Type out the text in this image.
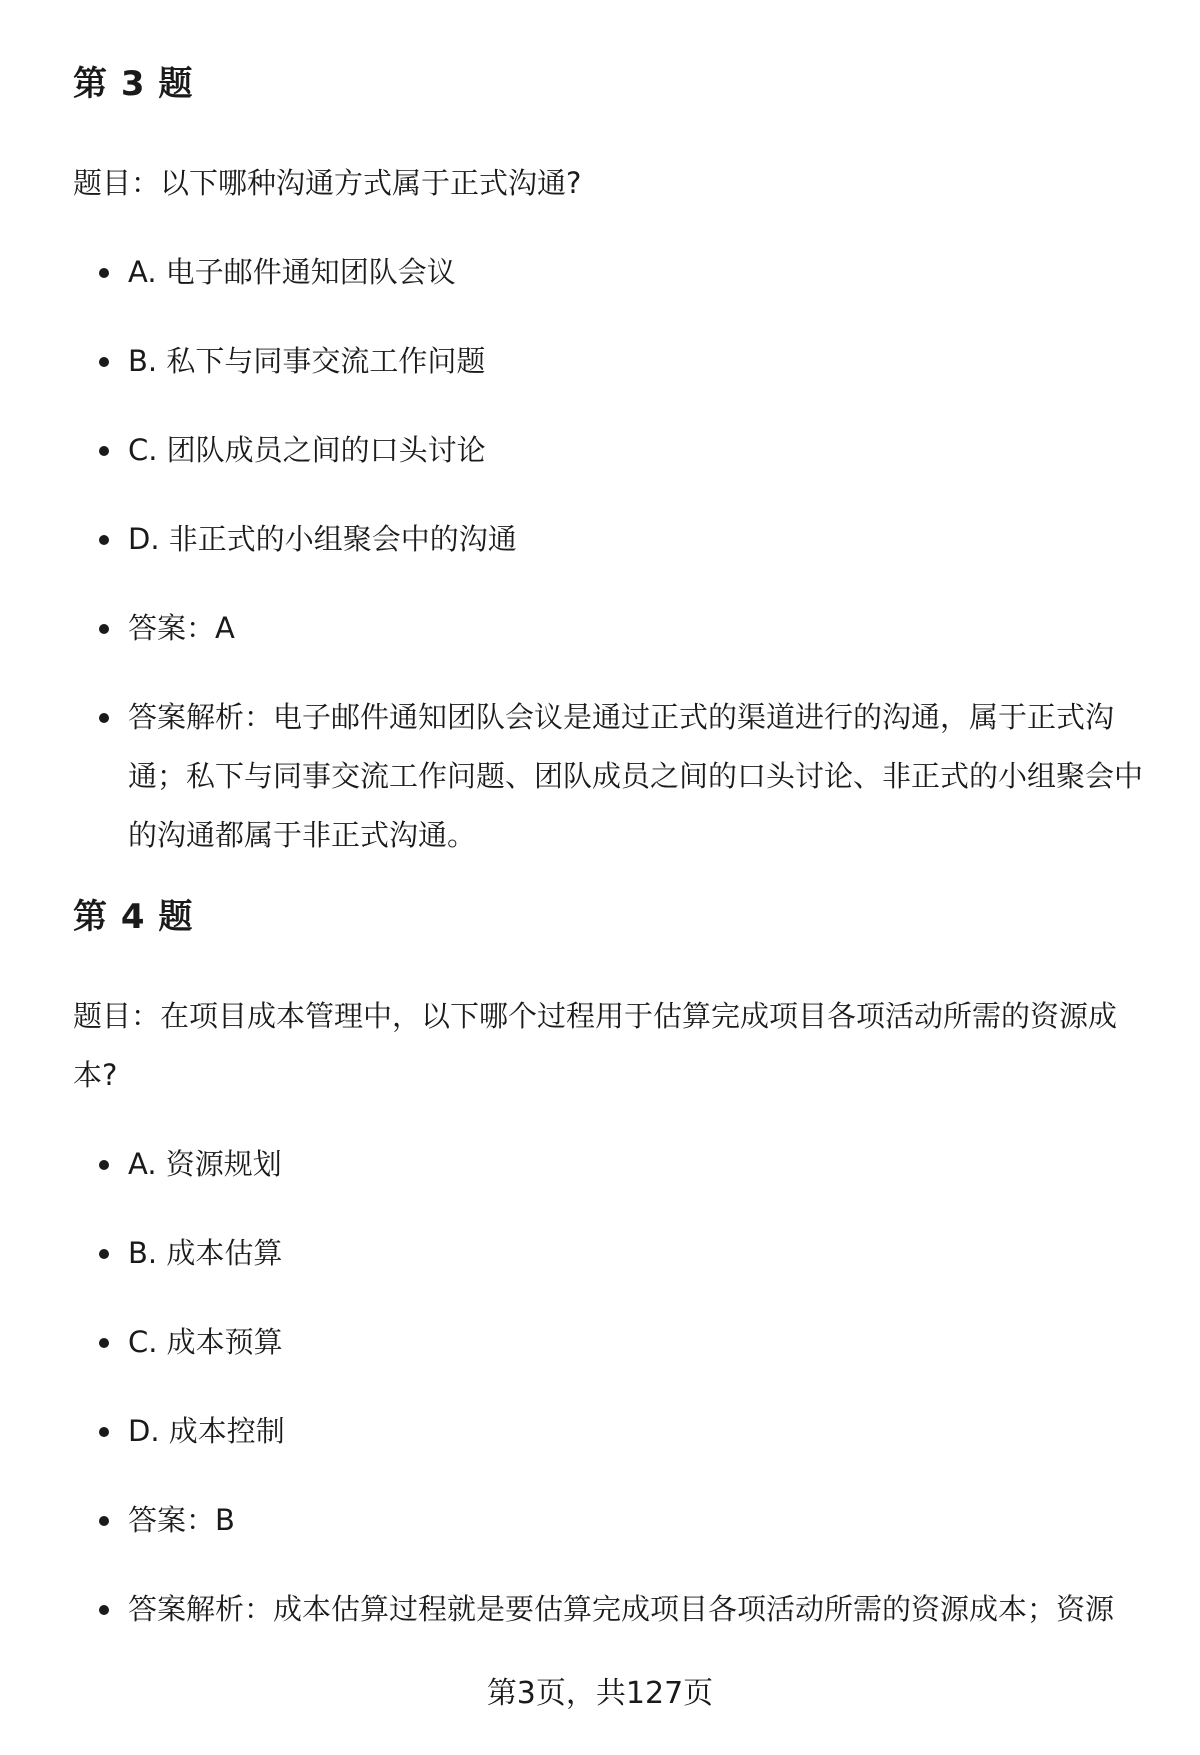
第 3 题

题目：以下哪种沟通方式属于正式沟通?

A. 电子邮件通知团队会议
B. 私下与同事交流工作问题
C. 团队成员之间的口头讨论
D. 非正式的小组聚会中的沟通
答案：A
答案解析：电子邮件通知团队会议是通过正式的渠道进行的沟通，属于正式沟通；私下与同事交流工作问题、团队成员之间的口头讨论、非正式的小组聚会中的沟通都属于非正式沟通。
第 4 题

题目：在项目成本管理中，以下哪个过程用于估算完成项目各项活动所需的资源成本?

A. 资源规划
B. 成本估算
C. 成本预算
D. 成本控制
答案：B
答案解析：成本估算过程就是要估算完成项目各项活动所需的资源成本；资源
第3页，共127页
